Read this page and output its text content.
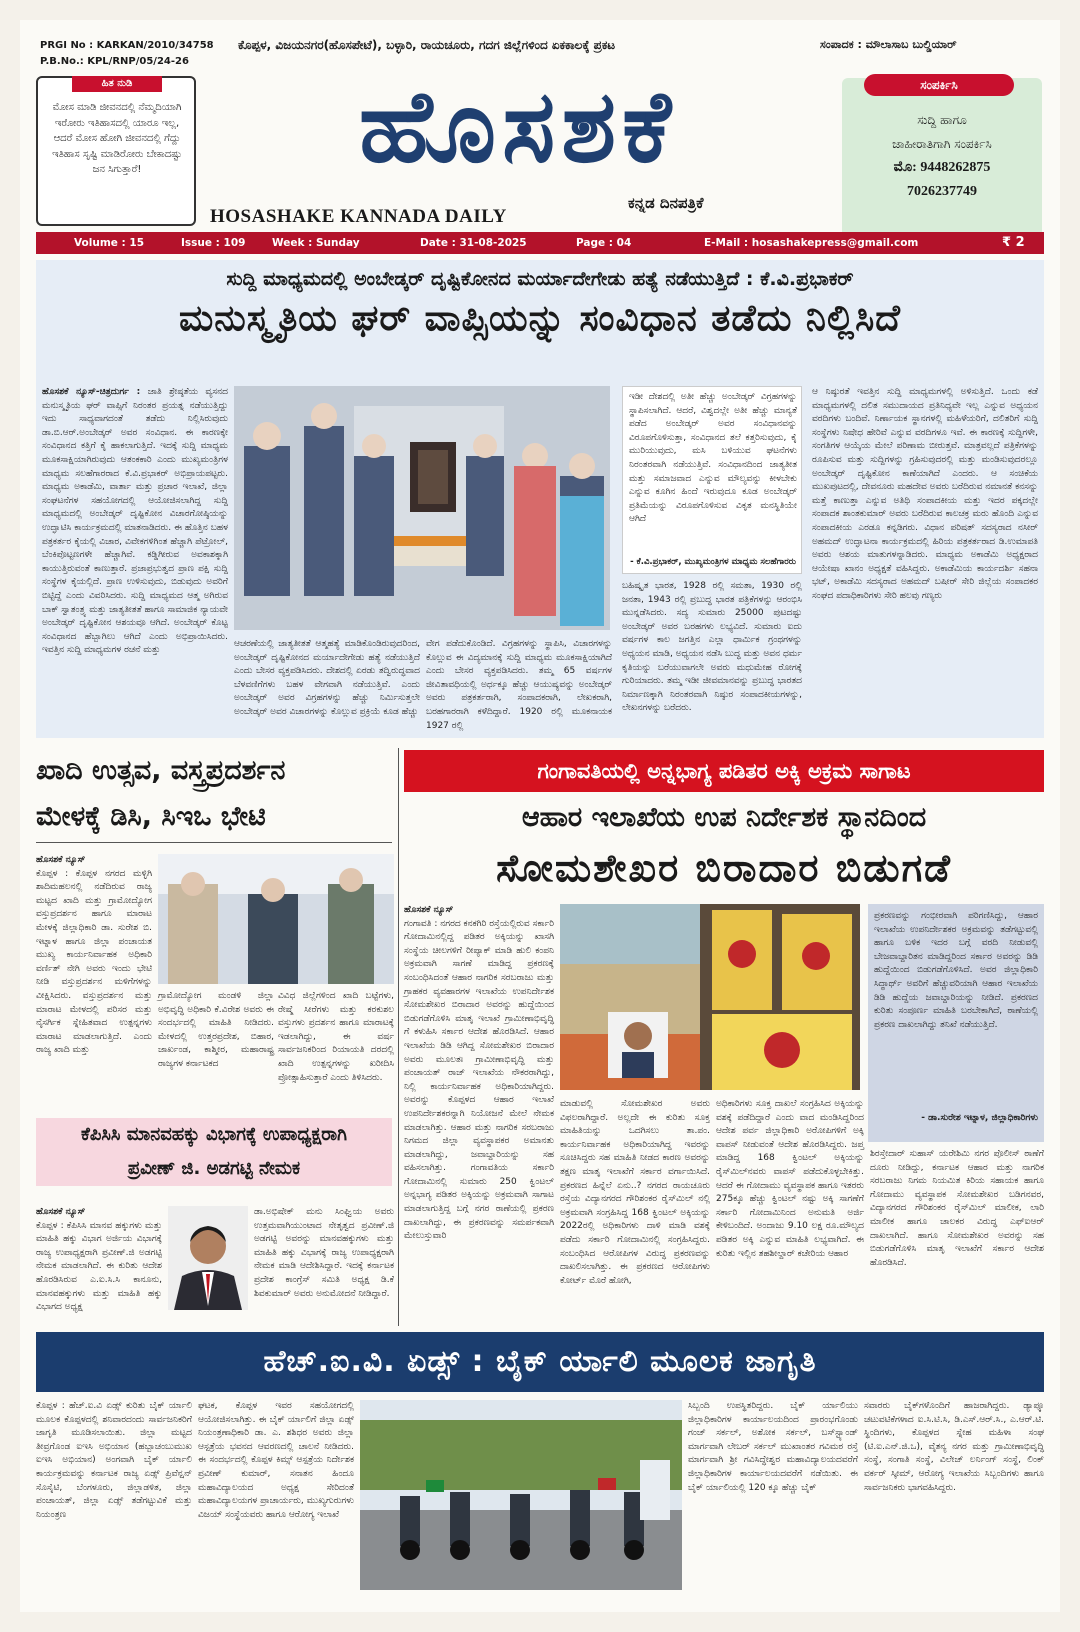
PRGI No : KARKAN/2010/34758
P.B.No.: KPL/RNP/05/24-26
ಹಿತ ನುಡಿ
ಮೋಸ ಮಾಡಿ ಜೀವನದಲ್ಲಿ ನೆಮ್ಮದಿಯಾಗಿ ಇರೋರು ಇತಿಹಾಸದಲ್ಲಿ ಯಾರೂ ಇಲ್ಲ, ಆದರೆ ಮೋಸ ಹೋಗಿ ಜೀವನದಲ್ಲಿ ಗೆದ್ದು ಇತಿಹಾಸ ಸೃಷ್ಟಿ ಮಾಡಿರೋರು ಬೇಕಾದಷ್ಟು ಜನ ಸಿಗುತ್ತಾರೆ!
ಕೊಪ್ಪಳ, ವಿಜಯನಗರ(ಹೊಸಪೇಟೆ), ಬಳ್ಳಾರಿ, ರಾಯಚೂರು, ಗದಗ ಜಿಲ್ಲೆಗಳಿಂದ ಏಕಕಾಲಕ್ಕೆ ಪ್ರಕಟ	ಸಂಪಾದಕ : ಮೌಲಾಸಾಬ ಬುಲ್ಡಿಯಾರ್
ಹೊಸಶಕೆ
HOSASHAKE KANNADA DAILY
ಕನ್ನಡ ದಿನಪತ್ರಿಕೆ
ಸಂಪರ್ಕಿಸಿ
ಸುದ್ದಿ ಹಾಗೂ
ಜಾಹೀರಾತಿಗಾಗಿ ಸಂಪರ್ಕಿಸಿ
ಮೊ: 9448262875
7026237749
Volume : 15	Issue : 109	Week : Sunday	Date : 31-08-2025	Page : 04	E-Mail : hosashakepress@gmail.com	₹ 2
ಸುದ್ದಿ ಮಾಧ್ಯಮದಲ್ಲಿ ಅಂಬೇಡ್ಕರ್ ದೃಷ್ಟಿಕೋನದ ಮರ್ಯಾದೇಗೇಡು ಹತ್ಯೆ ನಡೆಯುತ್ತಿದೆ : ಕೆ.ವಿ.ಪ್ರಭಾಕರ್
ಮನುಸ್ಮೃತಿಯ ಘರ್ ವಾಪ್ಸಿಯನ್ನು ಸಂವಿಧಾನ ತಡೆದು ನಿಲ್ಲಿಸಿದೆ
ಹೊಸಶಕೆ ನ್ಯೂಸ್-ಚಿತ್ರದುರ್ಗ : ಜಾತಿ ಶ್ರೇಷ್ಠತೆಯ ವ್ಯಸನದ ಮನುಸ್ಮೃತಿಯ ಘರ್ ವಾಪ್ಸಿಗೆ ನಿರಂತರ ಪ್ರಯತ್ನ ನಡೆಯುತ್ತಿದ್ದು ಇದು ಸಾಧ್ಯವಾಗದಂತೆ ತಡೆದು ನಿಲ್ಲಿಸಿರುವುದು ಡಾ.ಬಿ.ಆರ್.ಅಂಬೇಡ್ಕರ್ ಅವರ ಸಂವಿಧಾನ. ಈ ಕಾರಣಕ್ಕೇ ಸಂವಿಧಾನದ ಕತ್ತಿಗೆ ಕೈ ಹಾಕಲಾಗುತ್ತಿದೆ. ಇದಕ್ಕೆ ಸುದ್ದಿ ಮಾಧ್ಯಮ ಮೂಕಸಾಕ್ಷಿಯಾಗಿರುವುದು ಆತಂಕಕಾರಿ ಎಂದು ಮುಖ್ಯಮಂತ್ರಿಗಳ ಮಾಧ್ಯಮ ಸಲಹೆಗಾರರಾದ ಕೆ.ವಿ.ಪ್ರಭಾಕರ್ ಅಭಿಪ್ರಾಯಪಟ್ಟರು. ಮಾಧ್ಯಮ ಅಕಾಡೆಮಿ, ವಾರ್ತಾ ಮತ್ತು ಪ್ರಚಾರ ಇಲಾಖೆ, ಜಿಲ್ಲಾ ಸಂಘಟನೆಗಳ ಸಹಯೋಗದಲ್ಲಿ ಆಯೋಜಿಸಲಾಗಿದ್ದ ಸುದ್ದಿ ಮಾಧ್ಯಮದಲ್ಲಿ ಅಂಬೇಡ್ಕರ್ ದೃಷ್ಟಿಕೋನ ವಿಚಾರಗೋಷ್ಠಿಯನ್ನು ಉದ್ಘಾಟಿಸಿ ಕಾರ್ಯಕ್ರಮದಲ್ಲಿ ಮಾತನಾಡಿದರು. ಈ ಹೊತ್ತಿನ ಬಹಳ ಪತ್ರಕರ್ತರ ಕೈಯಲ್ಲಿ ವಿಚಾರ, ವಿವೇಕಗಳಿಗಿಂತ ಹೆಚ್ಚಾಗಿ ಪೆಟ್ರೋಲ್, ಬೆಂಕಿಪೊಟ್ಟಣಗಳೇ ಹೆಚ್ಚಾಗಿವೆ. ಕಡ್ಡಿಗೀರುವ ಅವಕಾಶಕ್ಕಾಗಿ ಕಾಯುತ್ತಿರುವಂತೆ ಕಾಣುತ್ತಾರೆ. ಪ್ರಜಾಪ್ರಭುತ್ವದ ಪ್ರಾಣ ಪಕ್ಷಿ ಸುದ್ದಿ ಸಂಸ್ಥೆಗಳ ಕೈಯಲ್ಲಿದೆ. ಪ್ರಾಣ ಉಳಿಸುವುದು, ಬಿಡುವುದು ಅವರಿಗೆ ಬಿಟ್ಟಿದ್ದೆ ಎಂದು ವಿವರಿಸಿದರು. ಸುದ್ದಿ ಮಾಧ್ಯಮದ ಆತ್ಮ ಅಗಿರುವ ಬಾಕ್ ಸ್ವಾತಂತ್ರ್ಯ ಮತ್ತು ಜಾತ್ಯತೀತತೆ ಹಾಗೂ ಸಾಮಾಜಿಕ ನ್ಯಾಯವೇ ಅಂಬೇಡ್ಕರ್ ದೃಷ್ಟಿಕೋನ ಆಶಯವೂ ಆಗಿದೆ. ಅಂಬೇಡ್ಕರ್ ಕೊಟ್ಟ ಸಂವಿಧಾನದ ಹೆಬ್ಬಾಗಿಲು ಆಗಿದೆ ಎಂದು ಅಭಿಪ್ರಾಯಿಸಿದರು. ಇವತ್ತಿನ ಸುದ್ದಿ ಮಾಧ್ಯಮಗಳ ರಚನೆ ಮತ್ತು
ಆಚರಣೆಯಲ್ಲಿ ಜಾತ್ಯತೀತತೆ ಆತ್ಮಹತ್ಯೆ ಮಾಡಿಕೊಂಡಿರುವುದರಿಂದ, ಅಂಬೇಡ್ಕರ್ ದೃಷ್ಟಿಕೋನದ ಮರ್ಯಾದೇಗೇಡು ಹತ್ಯೆ ನಡೆಯುತ್ತಿದೆ ಎಂದು ಬೇಸರ ವ್ಯಕ್ತಪಡಿಸಿದರು. ದೇಶದಲ್ಲಿ ಏರಡು ತದ್ವಿರುದ್ಧವಾದ ಬೆಳವಣಿಗೆಗಳು ಬಹಳ ವೇಗವಾಗಿ ನಡೆಯುತ್ತಿವೆ. ಎಂದು ಅಂಬೇಡ್ಕರ್ ಅವರ ವಿಗ್ರಹಗಳನ್ನು ಹೆಚ್ಚು ನಿರ್ಮಿಸುತ್ತಲೇ ಅಂಬೇಡ್ಕರ್ ಅವರ ವಿಚಾರಗಳನ್ನು ಕೊಲ್ಲುವ ಪ್ರಕ್ರಿಯೆ ಕೂಡ ಹೆಚ್ಚು
ವೇಗ ಪಡೆದುಕೊಂಡಿದೆ. ವಿಗ್ರಹಗಳನ್ನು ಸ್ಥಾಪಿಸಿ, ವಿಚಾರಗಳನ್ನು ಕೊಲ್ಲುವ ಈ ವಿದ್ಯಮಾನಕ್ಕೆ ಸುದ್ದಿ ಮಾಧ್ಯಮ ಮೂಕಸಾಕ್ಷಿಯಾಗಿದೆ ಎಂದು ಬೇಸರ ವ್ಯಕ್ತಪಡಿಸಿದರು. ತಮ್ಮ 65 ವರ್ಷಗಳ ಜೀವಿತಾವಧಿಯಲ್ಲಿ ಅರ್ಧಕ್ಕೂ ಹೆಚ್ಚು ಆಯುಷ್ಯವನ್ನು ಅಂಬೇಡ್ಕರ್ ಅವರು ಪತ್ರಕರ್ತರಾಗಿ, ಸಂಪಾದಕರಾಗಿ, ಲೇಖಕರಾಗಿ, ಬರಹಗಾರರಾಗಿ ಕಳೆದಿದ್ದಾರೆ. 1920 ರಲ್ಲಿ ಮೂಕನಾಯಕ 1927 ರಲ್ಲಿ
ಇಡೀ ದೇಶದಲ್ಲಿ ಅತೀ ಹೆಚ್ಚು ಅಂಬೇಡ್ಕರ್ ವಿಗ್ರಹಗಳನ್ನು ಸ್ಥಾಪಿಸಲಾಗಿದೆ. ಆದರೆ, ವಿಶ್ವದಲ್ಲೇ ಅತೀ ಹೆಚ್ಚು ಮಾನ್ಯತೆ ಪಡೆದ ಅಂಬೇಡ್ಕರ್ ಅವರ ಸಂವಿಧಾನವನ್ನು ವಿರೂಪಗೊಳಿಸುತ್ತಾ, ಸಂವಿಧಾನದ ತಲೆ ಕತ್ತರಿಸುವುದು, ಕೈ ಮುರಿಯುವುದು, ಮಸಿ ಬಳಿಯುವ ಘಟನೆಗಳು ನಿರಂತರವಾಗಿ ನಡೆಯುತ್ತಿವೆ. ಸಂವಿಧಾನದಿಂದ ಜಾತ್ಯತೀತ ಮತ್ತು ಸಮಾಜವಾದ ಎನ್ನುವ ಮೌಲ್ಯವನ್ನು ಕೀಳಬೇಕು ಎನ್ನುವ ಕೂಗಿನ ಹಿಂದೆ ಇರುವುದೂ ಕೂಡ ಅಂಬೇಡ್ಕರ್ ಪ್ರತಿಮೆಯನ್ನು ವಿರೂಪಗೊಳಿಸುವ ವಿಕೃತ ಮನಸ್ಥಿತಿಯೇ ಆಗಿದೆ
- ಕೆ.ವಿ.ಪ್ರಭಾಕರ್, ಮುಖ್ಯಮಂತ್ರಿಗಳ ಮಾಧ್ಯಮ ಸಲಹೆಗಾರರು
ಬಹಿಷ್ಕೃತ ಭಾರತ, 1928 ರಲ್ಲಿ ಸಮತಾ, 1930 ರಲ್ಲಿ ಜನತಾ, 1943 ರಲ್ಲಿ ಪ್ರಬುದ್ಧ ಭಾರತ ಪತ್ರಿಕೆಗಳನ್ನು ಆರಂಭಿಸಿ ಮುನ್ನಡೆಸಿದರು. ಸದ್ಯ ಸುಮಾರು 25000 ಪುಟದಷ್ಟು ಅಂಬೇಡ್ಕರ್ ಅವರ ಬರಹಗಳು ಲಭ್ಯವಿದೆ. ಸುಮಾರು ಐದು ವರ್ಷಗಳ ಕಾಲ ಜಗತ್ತಿನ ಎಲ್ಲಾ ಧಾರ್ಮಿಕ ಗ್ರಂಥಗಳನ್ನು ಅಧ್ಯಯನ ಮಾಡಿ, ಅಧ್ಯಯನ ನಡೆಸಿ ಬುದ್ಧ ಮತ್ತು ಅವನ ಧರ್ಮ ಕೃತಿಯನ್ನು ಬರೆಯುವಾಗಲೇ ಅವರು ಮಧುಮೇಹ ರೋಗಕ್ಕೆ ಗುರಿಯಾದರು. ತಮ್ಮ ಇಡೀ ಜೀವಮಾನವನ್ನು ಪ್ರಬುದ್ಧ ಭಾರತದ ನಿರ್ಮಾಣಕ್ಕಾಗಿ ನಿರಂತರವಾಗಿ ನಿಷ್ಠುರ ಸಂಪಾದಕೀಯಗಳನ್ನು, ಲೇಖನಗಳನ್ನು ಬರೆದರು.
ಆ ನಿಷ್ಠುರತೆ ಇವತ್ತಿನ ಸುದ್ದಿ ಮಾಧ್ಯಮಗಳಲ್ಲಿ ಅಳಿಸುತ್ತಿದೆ. ಒಂದು ಕಡೆ ಮಾಧ್ಯಮಗಳಲ್ಲಿ ದಲಿತ ಸಮುದಾಯದ ಪ್ರತಿನಿಧ್ಯವೇ ಇಲ್ಲ ಎನ್ನುವ ಅಧ್ಯಯನ ವರದಿಗಳು ಬಂದಿವೆ. ನಿರ್ಣಾಯಕ ಸ್ಥಾನಗಳಲ್ಲಿ ಮಹಿಳೆಯರಿಗೆ, ದಲಿತರಿಗೆ ಸುದ್ದಿ ಸಂಸ್ಥೆಗಳು ನಿಷೇಧ ಹೇರಿವೆ ಎನ್ನುವ ವರದಿಗಳೂ ಇವೆ. ಈ ಕಾರಣಕ್ಕೆ ಸುದ್ದಿಗಳೇ, ಸಂಗತಿಗಳ ಆಯ್ಕೆಯ ಮೇಲೆ ಪರಿಣಾಮ ಬೀರುತ್ತವೆ. ಮಾತ್ರವಲ್ಲದೆ ಪತ್ರಿಕೆಗಳನ್ನು ರೂಪಿಸುವ ಮತ್ತು ಸುದ್ದಿಗಳನ್ನು ಗ್ರಹಿಸುವುದರಲ್ಲಿ ಮತ್ತು ಮಂಡಿಸುವುದರಲ್ಲೂ ಅಂಬೇಡ್ಕರ್ ದೃಷ್ಟಿಕೋನ ಕಾಣೆಯಾಗಿದೆ ಎಂದರು. ಆ ಸಂಚಿಕೆಯ ಮುಖಪುಟದಲ್ಲಿ, ದೇವನೂರು ಮಹದೇವ ಅವರು ಬರೆದಿರುವ ನಮಾನತೆ ಕನಸನ್ನು ಮತ್ತೆ ಕಾಣುತ್ತಾ ಎನ್ನುವ ಅತಿಥಿ ಸಂಪಾದಕೀಯ ಮತ್ತು ಇದರ ಪಕ್ಕದಲ್ಲೇ ಸಂಪಾದಕ ಶಾಂತಕುಮಾರ್ ಅವರು ಬರೆದಿರುವ ಕಾಲಚಕ್ರ ಮರು ಹೊಂದಿ ಎನ್ನುವ ಸಂಪಾದಕೀಯ ಎರಡೂ ಕನ್ನಡಿಗರು. ವಿಧಾನ ಪರಿಷತ್ ಸದಸ್ಯರಾದ ನಸೀರ್ ಅಹಮದ್ ಉದ್ಘಾಟನಾ ಕಾರ್ಯಕ್ರಮದಲ್ಲಿ ಹಿರಿಯ ಪತ್ರಕರ್ತರಾದ ಡಿ.ಉಮಾಪತಿ ಅವರು ಆಶಯ ಮಾತುಗಳನ್ನಾಡಿದರು. ಮಾಧ್ಯಮ ಅಕಾಡೆಮಿ ಅಧ್ಯಕ್ಷರಾದ ಆಯೇಷಾ ಖಾನಂ ಅಧ್ಯಕ್ಷತೆ ವಹಿಸಿದ್ದರು. ಅಕಾಡೆಮಿಯ ಕಾರ್ಯದರ್ಶಿ ಸಹನಾ ಭಟ್, ಅಕಾಡೆಮಿ ಸದಸ್ಯರಾದ ಅಹಮದ್ ಬಷೀರ್ ಸೇರಿ ಜಿಲ್ಲೆಯ ಸಂಪಾದಕರ ಸಂಘದ ಪದಾಧಿಕಾರಿಗಳು ಸೇರಿ ಹಲವು ಗಣ್ಯರು
ಖಾದಿ ಉತ್ಸವ, ವಸ್ತ್ರಪ್ರದರ್ಶನ
ಮೇಳಕ್ಕೆ ಡಿಸಿ, ಸಿಇಒ ಭೇಟಿ
ಹೊಸಶಕೆ ನ್ಯೂಸ್
ಕೊಪ್ಪಳ : ಕೊಪ್ಪಳ ನಗರದ ಮಳ್ಳಿಗಿ ಶಾದಿಮಹಲನಲ್ಲಿ ನಡೆದಿರುವ ರಾಜ್ಯ ಮಟ್ಟದ ಖಾದಿ ಮತ್ತು ಗ್ರಾಮೋದ್ಯೋಗ ವಸ್ತುಪ್ರದರ್ಶನ ಹಾಗೂ ಮಾರಾಟ ಮೇಳಕ್ಕೆ ಜಿಲ್ಲಾಧಿಕಾರಿ ಡಾ. ಸುರೇಶ ಬಿ. ಇಟ್ನಾಳ ಹಾಗೂ ಜಿಲ್ಲಾ ಪಂಚಾಯತ ಮುಖ್ಯ ಕಾರ್ಯನಿರ್ವಾಹಕ ಅಧಿಕಾರಿ ವರ್ಣಿತ್ ನೇಗಿ ಅವರು ಇಂದು ಭೇಟಿ ನೀಡಿ ವಸ್ತುಪ್ರದರ್ಶನ ಮಳಿಗೆಗಳನ್ನು ವೀಕ್ಷಿಸಿದರು. ವಸ್ತುಪ್ರದರ್ಶನ ಮತ್ತು ಮಾರಾಟ ಮೇಳದಲ್ಲಿ ಪರಿಸರ ಮತ್ತು ನೈಸರ್ಗಿಕ ಸ್ನೇಹಿತವಾದ ಉತ್ಪನ್ನಗಳು ಮಾರಾಟ ಮಾಡಲಾಗುತ್ತಿದೆ. ಎಂದು ರಾಜ್ಯ ಖಾದಿ ಮತ್ತು
ಗ್ರಾಮೋದ್ಯೋಗ ಮಂಡಳಿ ಜಿಲ್ಲಾ ಅಭಿವೃದ್ಧಿ ಅಧಿಕಾರಿ ಕೆ.ವಿರೇಶ ಅವರು ಈ ಸಂದರ್ಭದಲ್ಲಿ ಮಾಹಿತಿ ನೀಡಿದರು. ಮೇಳದಲ್ಲಿ ಉತ್ತರಪ್ರದೇಶ, ಬಿಹಾರ, ಜಾರ್ಖಂಡ, ಕಾಶ್ಮೀರ, ಮಹಾರಾಷ್ಟ್ರ ರಾಜ್ಯಗಳ ಕರ್ನಾಟಕದ
ವಿವಿಧ ಜಿಲ್ಲೆಗಳಿಂದ ಖಾದಿ ಬಟ್ಟೆಗಳು, ರೇಷ್ಮೆ ಸೀರೆಗಳು ಮತ್ತು ಕರಕುಶಲ ವಸ್ತುಗಳು ಪ್ರದರ್ಶನ ಹಾಗೂ ಮಾರಾಟಕ್ಕೆ ಇಡಲಾಗಿದ್ದು, ಈ ವರ್ಷ ಸಾರ್ವಜನಿಕರಿಂದ ರಿಯಾಯತಿ ದರದಲ್ಲಿ ಖಾದಿ ಉತ್ಪನ್ನಗಳನ್ನು ಖರೀದಿಸಿ ಪ್ರೋತ್ಸಾಹಿಸುತ್ತಾರೆ ಎಂದು ತಿಳಿಸಿದರು.
ಕೆಪಿಸಿಸಿ ಮಾನವಹಕ್ಕು ವಿಭಾಗಕ್ಕೆ ಉಪಾಧ್ಯಕ್ಷರಾಗಿ
ಪ್ರವೀಣ್ ಜಿ. ಅಡಗಟ್ಟಿ ನೇಮಕ
ಹೊಸಶಕೆ ನ್ಯೂಸ್
ಕೊಪ್ಪಳ : ಕೆಪಿಸಿಸಿ ಮಾನವ ಹಕ್ಕುಗಳು ಮತ್ತು ಮಾಹಿತಿ ಹಕ್ಕು ವಿಭಾಗ ಅರ್ಜಿಯ ವಿಭಾಗಕ್ಕೆ ರಾಜ್ಯ ಉಪಾಧ್ಯಕ್ಷರಾಗಿ ಪ್ರವೀಣ್.ಜಿ ಅಡಗಟ್ಟಿ ನೇಮಕ ಮಾಡಲಾಗಿದೆ. ಈ ಕುರಿತು ಆದೇಶ ಹೊರಡಿಸಿರುವ ಎ.ಐ.ಸಿ.ಸಿ ಕಾನೂನು, ಮಾನವಹಕ್ಕುಗಳು ಮತ್ತು ಮಾಹಿತಿ ಹಕ್ಕು ವಿಭಾಗದ ಅಧ್ಯಕ್ಷ
ಡಾ.ಅಭಿಷೇಕ್ ಮನು ಸಿಂಘ್ವಿಯ ಅವರು ಉತ್ತಮವಾಗಿಯುಂಟಾದ ನೇತೃತ್ವದ ಪ್ರವೀಣ್.ಜಿ ಅಡಗಟ್ಟಿ ಅವರನ್ನು ಮಾನವಹಕ್ಕುಗಳು ಮತ್ತು ಮಾಹಿತಿ ಹಕ್ಕು ವಿಭಾಗಕ್ಕೆ ರಾಜ್ಯ ಉಪಾಧ್ಯಕ್ಷರಾಗಿ ನೇಮಕ ಮಾಡಿ ಆದೇಶಿಸಿದ್ದಾರೆ. ಇದಕ್ಕೆ ಕರ್ನಾಟಕ ಪ್ರದೇಶ ಕಾಂಗ್ರೆಸ್ ಸಮಿತಿ ಅಧ್ಯಕ್ಷ ಡಿ.ಕೆ ಶಿವಕುಮಾರ್ ಅವರು ಅನುಮೋದನೆ ನೀಡಿದ್ದಾರೆ.
ಗಂಗಾವತಿಯಲ್ಲಿ ಅನ್ನಭಾಗ್ಯ ಪಡಿತರ ಅಕ್ಕಿ ಅಕ್ರಮ ಸಾಗಾಟ
ಆಹಾರ ಇಲಾಖೆಯ ಉಪ ನಿರ್ದೇಶಕ ಸ್ಥಾನದಿಂದ
ಸೋಮಶೇಖರ ಬಿರಾದಾರ ಬಿಡುಗಡೆ
ಹೊಸಶಕೆ ನ್ಯೂಸ್
ಗಂಗಾವತಿ : ನಗರದ ಕನಕಗಿರಿ ರಸ್ತೆಯಲ್ಲಿರುವ ಸರ್ಕಾರಿ ಗೋದಾಮಿನಲ್ಲಿದ್ದ ಪಡಿತರ ಅಕ್ಕಿಯನ್ನು ಖಾಸಗಿ ಸಂಸ್ಥೆಯ ಚೀಲಗಳಿಗೆ ರೀಪ್ಯಾಕ್ ಮಾಡಿ ಹುಲಿ ಕಂಪನಿ ಅಕ್ರಮವಾಗಿ ಸಾಗಣೆ ಮಾಡಿದ್ದ ಪ್ರಕರಣಕ್ಕೆ ಸಂಬಂಧಿಸಿದಂತೆ ಆಹಾರ ನಾಗರಿಕ ಸರಬರಾಜು ಮತ್ತು ಗ್ರಾಹಕರ ವ್ಯವಹಾರಗಳ ಇಲಾಖೆಯ ಉಪನಿರ್ದೇಶಕ ಸೋಮಶೇಖರ ಬಿರಾದಾರ ಅವರನ್ನು ಹುದ್ದೆಯಿಂದ ಬಿಡುಗಡೆಗೊಳಿಸಿ ಮಾತೃ ಇಲಾಖೆ ಗ್ರಾಮೀಣಾಭಿವೃದ್ಧಿ ಗೆ ಕಳುಹಿಸಿ ಸರ್ಕಾರ ಆದೇಶ ಹೊರಡಿಸಿದೆ. ಆಹಾರ ಇಲಾಖೆಯ ಡಿಡಿ ಆಗಿದ್ದ ಸೋಮಶೇಖರ ಬಿರಾದಾರ ಅವರು ಮೂಲತಃ ಗ್ರಾಮೀಣಾಭಿವೃದ್ಧಿ ಮತ್ತು ಪಂಚಾಯತ್ ರಾಜ್ ಇಲಾಖೆಯ ನೌಕರರಾಗಿದ್ದು, ನಿಲ್ಲಿ ಕಾರ್ಯನಿರ್ವಾಹಕ ಅಧಿಕಾರಿಯಾಗಿದ್ದರು. ಅವರನ್ನು ಕೊಪ್ಪಳದ ಆಹಾರ ಇಲಾಖೆ ಉಪನಿರ್ದೇಶಕರನ್ನಾಗಿ ನಿಯೋಜನೆ ಮೇಲೆ ನೇಮಕ ಮಾಡಲಾಗಿತ್ತು. ಆಹಾರ ಮತ್ತು ನಾಗರಿಕ ಸರಬರಾಜು ನಿಗಮದ ಜಿಲ್ಲಾ ವ್ಯವಸ್ಥಾಪಕರ ಅಮಾನತು ಮಾಡಲಾಗಿದ್ದು, ಜವಾಬ್ದಾರಿಯನ್ನು ಸಹ ವಹಿಸಲಾಗಿತ್ತು. ಗಂಗಾವತಿಯ ಸರ್ಕಾರಿ ಗೋದಾಮಿನಲ್ಲಿ ಸುಮಾರು 250 ಕ್ವಿಂಟಲ್ ಅನ್ನಭಾಗ್ಯ ಪಡಿತರ ಅಕ್ಕಿಯನ್ನು ಅಕ್ರಮವಾಗಿ ಸಾಗಾಟ ಮಾಡಲಾಗುತ್ತಿದ್ದ ಬಗ್ಗೆ ನಗರ ಠಾಣೆಯಲ್ಲಿ ಪ್ರಕರಣ ದಾಖಲಾಗಿದ್ದು, ಈ ಪ್ರಕರಣವನ್ನು ಸಮರ್ಪಕವಾಗಿ ಮೇಲುಸ್ತುವಾರಿ
ಪ್ರಕರಣವನ್ನು ಗಂಭೀರವಾಗಿ ಪರಿಗಣಿಸಿದ್ದು, ಆಹಾರ ಇಲಾಖೆಯ ಉಪನಿರ್ದೇಶಕರ ಅಕ್ರಮವನ್ನು ತಡೆಗಟ್ಟುವಲ್ಲಿ ಹಾಗೂ ಬಳಿಕ ಇದರ ಬಗ್ಗೆ ವರದಿ ನೀಡುವಲ್ಲಿ ಬೇಜವಾಬ್ದಾರಿತನ ಮಾಡಿದ್ದರಿಂದ ಸರ್ಕಾರ ಅವರನ್ನು ಡಿಡಿ ಹುದ್ದೆಯಿಂದ ಬಿಡುಗಡೆಗೊಳಿಸಿದೆ. ಅವರ ಜಿಲ್ಲಾಧಿಕಾರಿ ಸಿದ್ಧಾರ್ಥ್ ಅವರಿಗೆ ಹೆಚ್ಚುವರಿಯಾಗಿ ಆಹಾರ ಇಲಾಖೆಯ ಡಿಡಿ ಹುದ್ದೆಯ ಜವಾಬ್ದಾರಿಯನ್ನು ನೀಡಿದೆ. ಪ್ರಕರಣದ ಕುರಿತು ಸಂಪೂರ್ಣ ಮಾಹಿತಿ ಬರಬೇಕಾಗಿದೆ, ಠಾಣೆಯಲ್ಲಿ ಪ್ರಕರಣ ದಾಖಲಾಗಿದ್ದು ತನಿಖೆ ನಡೆಯುತ್ತಿದೆ.
- ಡಾ.ಸುರೇಶ ಇಟ್ನಾಳ, ಜಿಲ್ಲಾಧಿಕಾರಿಗಳು
ಮಾಡುವಲ್ಲಿ ಸೋಮಶೇಖರ ಅವರು ವಿಫಲರಾಗಿದ್ದಾರೆ. ಅಲ್ಲದೇ ಈ ಕುರಿತು ಸೂಕ್ತ ಮಾಹಿತಿಯನ್ನು ಒದಗಿಸಲು ತಾ.ಪಂ. ಕಾರ್ಯನಿರ್ವಾಹಕ ಅಧಿಕಾರಿಯಾಗಿದ್ದ ಇವರನ್ನು ಸೂಚಿಸಿದ್ದರು ಸಹ ಮಾಹಿತಿ ನೀಡದ ಕಾರಣ ಅವರನ್ನು ತಕ್ಷಣ ಮಾತೃ ಇಲಾಖೆಗೆ ಸರ್ಕಾರ ವರ್ಗಾಯಿಸಿದೆ. ಪ್ರಕರಣದ ಹಿನ್ನೆಲೆ ಏನು..? ನಗರದ ರಾಯಚೂರು ರಸ್ತೆಯ ವಿದ್ಯಾನಗರದ ಗೌರಿಶಂಕರ ರೈಸ್‌ಮಿಲ್ ನಲ್ಲಿ ಅಕ್ರಮವಾಗಿ ಸಂಗ್ರಹಿಸಿದ್ದ 168 ಕ್ವಿಂಟಲ್ ಅಕ್ಕಿಯನ್ನು 2022ರಲ್ಲಿ ಅಧಿಕಾರಿಗಳು ದಾಳಿ ಮಾಡಿ ವಶಕ್ಕೆ ಪಡೆದು ಸರ್ಕಾರಿ ಗೋದಾಮಿನಲ್ಲಿ ಸಂಗ್ರಹಿಸಿದ್ದರು. ಸಂಬಂಧಿಸಿದ ಆರೋಪಿಗಳ ವಿರುದ್ಧ ಪ್ರಕರಣವನ್ನು ದಾಖಲಿಸಲಾಗಿತ್ತು. ಈ ಪ್ರಕರಣದ ಆರೋಪಿಗಳು ಕೋರ್ಟ್ ಮೊರೆ ಹೋಗಿ,
ಅಧಿಕಾರಿಗಳು ಸೂಕ್ತ ದಾಖಲೆ ಸಂಗ್ರಹಿಸಿದ ಅಕ್ಕಿಯನ್ನು ವಶಕ್ಕೆ ಪಡೆದಿದ್ದಾರೆ ಎಂದು ವಾದ ಮಂಡಿಸಿದ್ದರಿಂದ ಆದೇಶ ಪರ್ವ ಜಿಲ್ಲಾಧಿಕಾರಿ ಅರೋಪಿಗಳಿಗೆ ಅಕ್ಕಿ ವಾಪಸ್ ನೀಡುವಂತೆ ಆದೇಶ ಹೊರಡಿಸಿದ್ದರು. ಜಪ್ತ ಮಾಡಿದ್ದ 168 ಕ್ವಿಂಟಲ್ ಅಕ್ಕಿಯನ್ನು ರೈಸ್‌ಮಿಲ್‌ನವರು ವಾಪಸ್ ಪಡೆದುಕೊಳ್ಳಬೇಕಿತ್ತು. ಆದರೆ ಈ ಗೋದಾಮು ವ್ಯವಸ್ಥಾಪಕ ಹಾಗೂ ಇತರರು 275ಕ್ಕೂ ಹೆಚ್ಚು ಕ್ವಿಂಟಲ್ ನಷ್ಟು ಅಕ್ಕಿ ಸಾಗಣೆಗೆ ಸರ್ಕಾರಿ ಗೋದಾಮಿನಿಂದ ಅನುಮತಿ ಅರ್ಜಿ ಕೇಳಿಬಂದಿದೆ. ಅಂದಾಜು 9.10 ಲಕ್ಷ ರೂ.ಮೌಲ್ಯದ ಪಡಿತರ ಅಕ್ಕಿ ಎನ್ನುವ ಮಾಹಿತಿ ಲಭ್ಯವಾಗಿದೆ. ಈ ಕುರಿತು ಇಲ್ಲಿನ ತಹಶೀಲ್ದಾರ್ ಕಚೇರಿಯ ಆಹಾರ
ಶಿರಸ್ತೇದಾರ್ ಸುಹಾಸ್ ಯರೇಶಿಮಿ ನಗರ ಪೊಲೀಸ್ ಠಾಣೆಗೆ ದೂರು ನೀಡಿದ್ದು, ಕರ್ನಾಟಕ ಆಹಾರ ಮತ್ತು ನಾಗರಿಕ ಸರಬರಾಜು ನಿಗಮ ನಿಯಮಿತ ಕಿರಿಯ ಸಹಾಯಕ ಹಾಗೂ ಗೋದಾಮು ವ್ಯವಸ್ಥಾಪಕ ಸೋಮಶೇಖರ ಬಡಿಗನವರ, ವಿದ್ಯಾನಗರದ ಗೌರಿಶಂಕರ ರೈಸ್‌ಮಿಲ್ ಮಾಲೀಕ, ಲಾರಿ ಮಾಲೀಕ ಹಾಗೂ ಚಾಲಕರ ವಿರುದ್ಧ ಎಫ್ಐಆರ್ ದಾಖಲಾಗಿದೆ. ಹಾಗೂ ಸೋಮಶೇಖರ ಅವರನ್ನು ಸಹ ಬಿಡುಗಡೆಗೊಳಿಸಿ ಮಾತೃ ಇಲಾಖೆಗೆ ಸರ್ಕಾರ ಆದೇಶ ಹೊರಡಿಸಿದೆ.
ಹೆಚ್.ಐ.ವಿ. ಏಡ್ಸ್ : ಬೈಕ್ ರ್ಯಾಲಿ ಮೂಲಕ ಜಾಗೃತಿ
ಕೊಪ್ಪಳ : ಹೆಚ್.ಐ.ವಿ ಏಡ್ಸ್ ಕುರಿತು ಬೈಕ್ ರ್ಯಾಲಿ ಮೂಲಕ ಕೊಪ್ಪಳದಲ್ಲಿ ಶನಿವಾರದಂದು ಸಾರ್ವಜನಿಕರಿಗೆ ಜಾಗೃತಿ ಮೂಡಿಸಲಾಯಿತು. ಜಿಲ್ಲಾ ಮಟ್ಟದ ತೀವ್ರಗೊಂಡ ಐಇಸಿ ಅಭಿಯಾನ (ಹಬ್ಬಾಚಂಬುಮುಖ ಐಇಸಿ ಅಭಿಯಾನ) ಅಂಗವಾಗಿ ಬೈಕ್ ರ್ಯಾಲಿ ಕಾರ್ಯಕ್ರಮವನ್ನು ಕರ್ನಾಟಕ ರಾಜ್ಯ ಏಡ್ಸ್ ಪ್ರಿವೆನ್ಷನ್ ಸೊಸೈಟಿ, ಬೆಂಗಳೂರು, ಜಿಲ್ಲಾಡಳಿತ, ಜಿಲ್ಲಾ ಪಂಚಾಯತ್, ಜಿಲ್ಲಾ ಏಡ್ಸ್ ತಡೆಗಟ್ಟುವಿಕೆ ಮತ್ತು ನಿಯಂತ್ರಣ
ಘಟಕ, ಕೊಪ್ಪಳ ಇವರ ಸಹಯೋಗದಲ್ಲಿ ಆಯೋಜಿಸಲಾಗಿತ್ತು. ಈ ಬೈಕ್ ರ್ಯಾಲಿಗೆ ಜಿಲ್ಲಾ ಏಡ್ಸ್ ನಿಯಂತ್ರಣಾಧಿಕಾರಿ ಡಾ. ಎ. ಶಶಿಧರ ಅವರು ಜಿಲ್ಲಾ ಆಸ್ಪತ್ರೆಯ ಭವನದ ಆವರಣದಲ್ಲಿ ಚಾಲನೆ ನೀಡಿದರು. ಈ ಸಂದರ್ಭದಲ್ಲಿ ಕೊಪ್ಪಳ ಕಿಮ್ಸ್ ಆಸ್ಪತ್ರೆಯ ನಿರ್ದೇಶಕ ಪ್ರವೀಣ್ ಕುಮಾರ್, ಸನಾತನ ಹಿಂದೂ ಮಹಾವಿದ್ಯಾಲಯದ ಅಧ್ಯಕ್ಷ ಸೇರಿದಂತೆ ಮಹಾವಿದ್ಯಾಲಯಗಳ ಪ್ರಾಚಾರ್ಯರು, ಮುಖ್ಯಗುರುಗಳು ವಿಜಯ್ ಸಂಸ್ಥೆಯವರು ಹಾಗೂ ಆರೋಗ್ಯ ಇಲಾಖೆ
ಸಿಬ್ಬಂದಿ ಉಪಸ್ಥಿತರಿದ್ದರು. ಬೈಕ್ ರ್ಯಾಲಿಯು ಜಿಲ್ಲಾಧಿಕಾರಿಗಳ ಕಾರ್ಯಾಲಯದಿಂದ ಪ್ರಾರಂಭಗೊಂಡು ಗಂಜ್ ಸರ್ಕಲ್, ಅಶೋಕ ಸರ್ಕಲ್, ಬಸ್‌ಸ್ಟ್ಯಾಂಡ್ ಮಾರ್ಗವಾಗಿ ಲೇಬರ್ ಸರ್ಕಲ್ ಮುಖಾಂತರ ಗವಿಮಠ ರಸ್ತೆ ಮಾರ್ಗವಾಗಿ ಶ್ರೀ ಗವಿಸಿದ್ಧೇಶ್ವರ ಮಹಾವಿದ್ಯಾಲಯದವರೆಗೆ ಜಿಲ್ಲಾಧಿಕಾರಿಗಳ ಕಾರ್ಯಾಲಯದವರೆಗೆ ನಡೆಯಿತು. ಈ ಬೈಕ್ ರ್ಯಾಲಿಯಲ್ಲಿ 120 ಕ್ಕೂ ಹೆಚ್ಚು ಬೈಕ್
ಸವಾರರು ಬೈಕ್‌ಗಳೊಂದಿಗೆ ಹಾಜರಾಗಿದ್ದರು. ಡ್ಯಾಪ್ಕೂ ಚಟುವಟಿಕೆಗಳಾದ ಐ.ಸಿ.ಟಿ.ಸಿ, ಡಿ.ಎಸ್.ಆರ್.ಸಿ., ಎ.ಆರ್.ಟಿ. ಸ್ಥಿಂದಿಗಳು, ಕೊಪ್ಪಳದ ಸ್ನೇಹ ಮಹಿಳಾ ಸಂಘ (ಟಿ.ಐ.ಎನ್.ಜಿ.ಒ), ವೈತನ್ಯ ನಗರ ಮತ್ತು ಗ್ರಾಮೀಣಾಭಿವೃದ್ಧಿ ಸಂಸ್ಥೆ, ಸಂಗಾತಿ ಸಂಸ್ಥೆ, ವಿಲೇಜ್ ಲರ್ನಿಂಗ್ ಸಂಸ್ಥೆ, ಲಿಂಕ್ ವರ್ಕರ್ ಸ್ಕೀಮ್, ಆರೋಗ್ಯ ಇಲಾಖೆಯ ಸಿಬ್ಬಂದಿಗಳು ಹಾಗೂ ಸಾರ್ವಜನಿಕರು ಭಾಗವಹಿಸಿದ್ದರು.
